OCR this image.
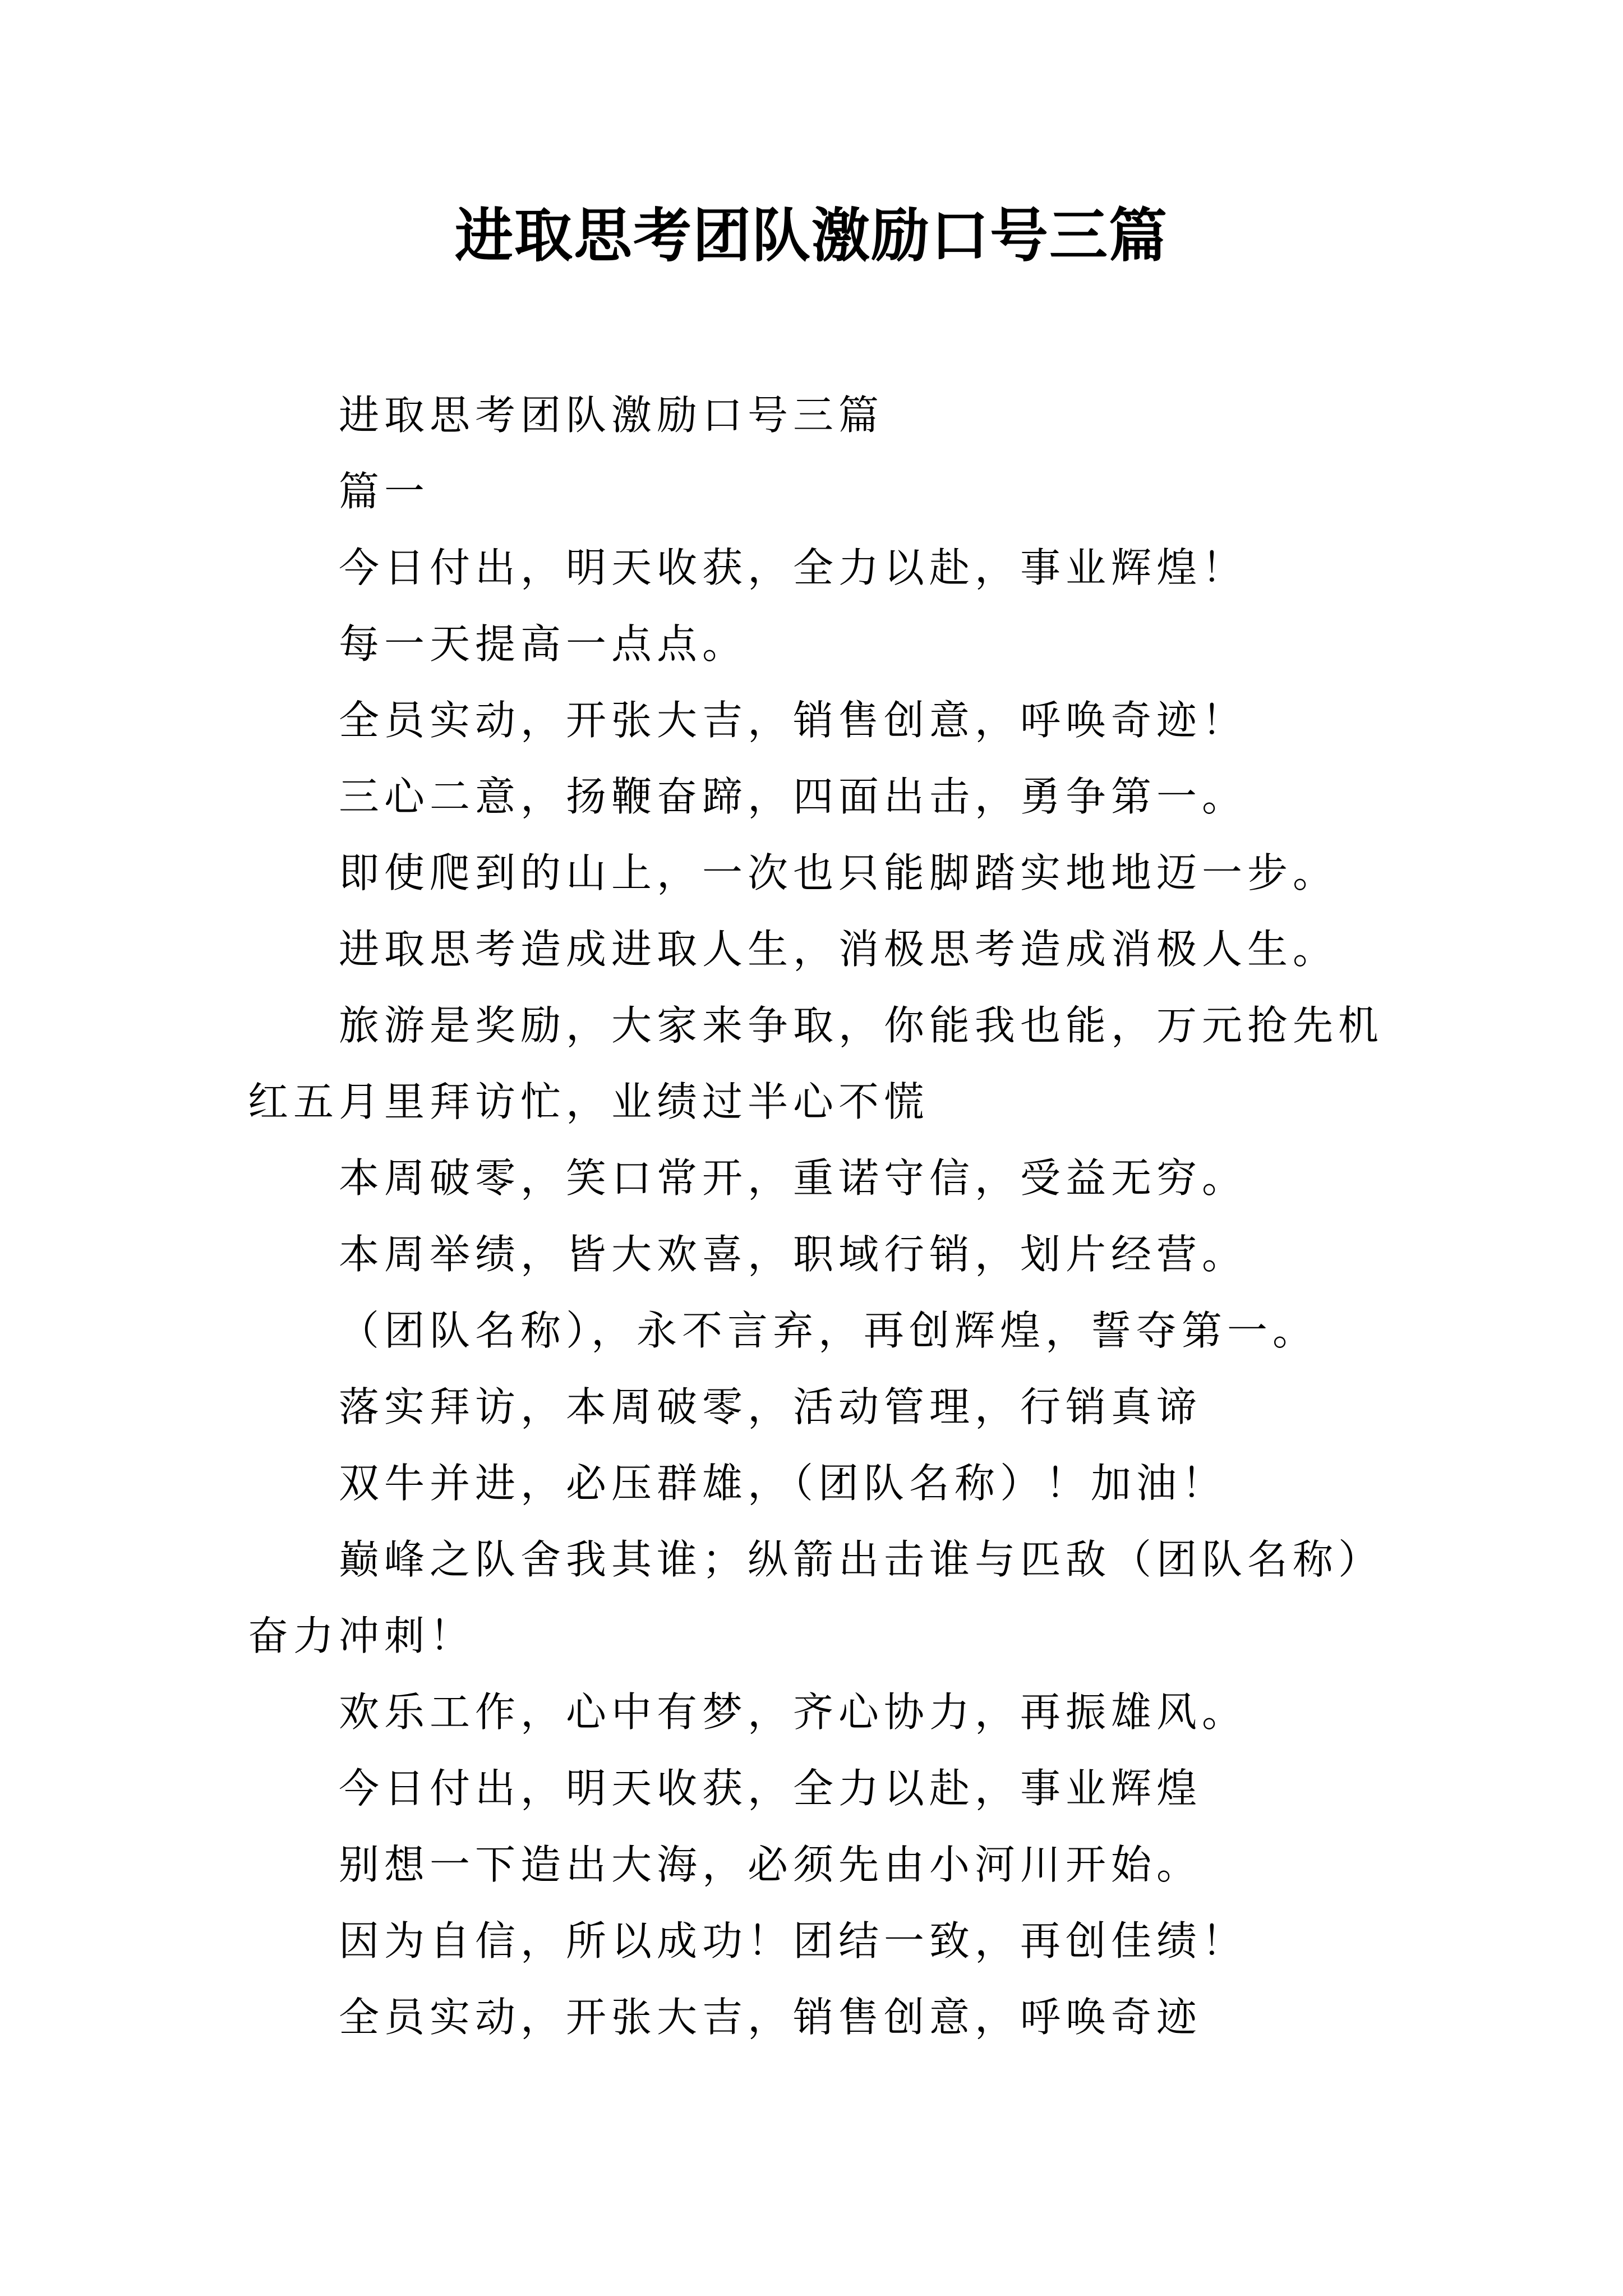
进取思考团队激励口号三篇

进取思考团队激励口号三篇

篇一

今日付出，明天收获，全力以赴，事业辉煌！

每一天提高一点点。

全员实动，开张大吉，销售创意，呼唤奇迹！

三心二意，扬鞭奋蹄，四面出击，勇争第一。

即使爬到的山上，一次也只能脚踏实地地迈一步。

进取思考造成进取人生，消极思考造成消极人生。

旅游是奖励，大家来争取，你能我也能，万元抢先机红五月里拜访忙，业绩过半心不慌

本周破零，笑口常开，重诺守信，受益无穷。

本周举绩，皆大欢喜，职域行销，划片经营。

（团队名称），永不言弃，再创辉煌，誓夺第一。

落实拜访，本周破零，活动管理，行销真谛

双牛并进，必压群雄，（团队名称）！加油！

巅峰之队舍我其谁；纵箭出击谁与匹敌（团队名称）奋力冲刺！

欢乐工作，心中有梦，齐心协力，再振雄风。

今日付出，明天收获，全力以赴，事业辉煌

别想一下造出大海，必须先由小河川开始。

因为自信，所以成功！团结一致，再创佳绩！

全员实动，开张大吉，销售创意，呼唤奇迹
